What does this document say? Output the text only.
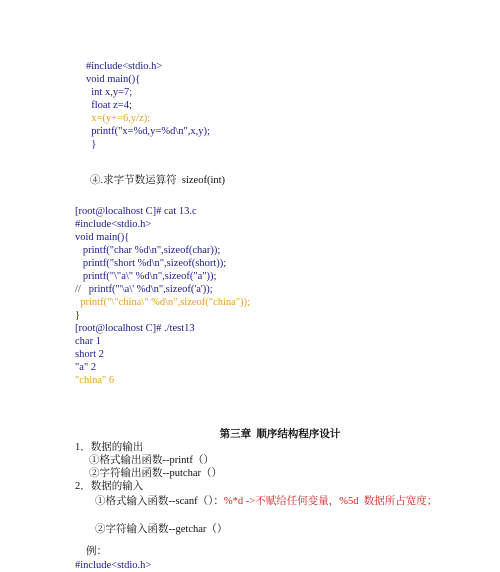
#include<stdio.h>
void main(){
int x,y=7;
float z=4;
x=(y+=6,y/z);
printf("x=%d,y=%d\n",x,y);
}
④.求字节数运算符  sizeof(int)
[root@localhost C]# cat 13.c
#include<stdio.h>
void main(){
printf("char %d\n",sizeof(char));
printf("short %d\n",sizeof(short));
printf("\"a\" %d\n",sizeof("a"));
//   printf("'\a\' %d\n",sizeof('a'));
printf("\"china\" %d\n",sizeof("china"));
}
[root@localhost C]# ./test13
char 1
short 2
"a" 2
"china" 6
第三章  顺序结构程序设计
1．数据的输出
①格式输出函数--printf（）
②字符输出函数--putchar（）
2．数据的输入
①格式输入函数--scanf（）：%*d ->不赋给任何变量，%5d  数据所占宽度；
②字符输入函数--getchar（）
例：
#include<stdio.h>
